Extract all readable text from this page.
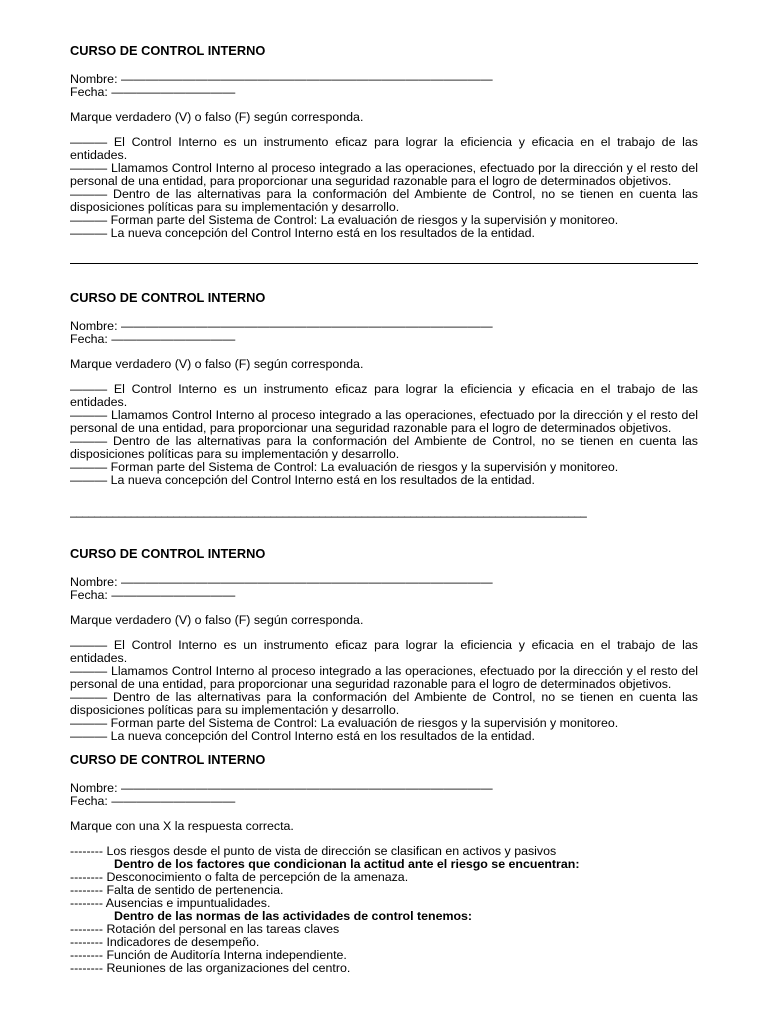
CURSO DE CONTROL INTERNO
Nombre: ——————————————————————————————
Fecha: ——————————
Marque verdadero (V) o falso (F) según corresponda.
——— El Control Interno es un instrumento eficaz para lograr la eficiencia y eficacia en el trabajo de las entidades.
——— Llamamos Control Interno al proceso integrado a las operaciones, efectuado por la dirección y el resto del personal de una entidad, para proporcionar una seguridad razonable para el logro de determinados objetivos.
——— Dentro de las alternativas para la conformación del Ambiente de Control, no se tienen en cuenta las disposiciones políticas para su implementación y desarrollo.
——— Forman parte del Sistema de Control: La evaluación de riesgos y la supervisión y monitoreo.
——— La nueva concepción del Control Interno está en los resultados de la entidad.
CURSO DE CONTROL INTERNO
Nombre: ——————————————————————————————
Fecha: ——————————
Marque verdadero (V) o falso (F) según corresponda.
——— El Control Interno es un instrumento eficaz para lograr la eficiencia y eficacia en el trabajo de las entidades.
——— Llamamos Control Interno al proceso integrado a las operaciones, efectuado por la dirección y el resto del personal de una entidad, para proporcionar una seguridad razonable para el logro de determinados objetivos.
——— Dentro de las alternativas para la conformación del Ambiente de Control, no se tienen en cuenta las disposiciones políticas para su implementación y desarrollo.
——— Forman parte del Sistema de Control: La evaluación de riesgos y la supervisión y monitoreo.
——— La nueva concepción del Control Interno está en los resultados de la entidad.
–––––––––––––––––––––––––––––––––––––––––––––––––––––––––––––––––––––––––––––––––––––
CURSO DE CONTROL INTERNO
Nombre: ——————————————————————————————
Fecha: ——————————
Marque verdadero (V) o falso (F) según corresponda.
——— El Control Interno es un instrumento eficaz para lograr la eficiencia y eficacia en el trabajo de las entidades.
——— Llamamos Control Interno al proceso integrado a las operaciones, efectuado por la dirección y el resto del personal de una entidad, para proporcionar una seguridad razonable para el logro de determinados objetivos.
——— Dentro de las alternativas para la conformación del Ambiente de Control, no se tienen en cuenta las disposiciones políticas para su implementación y desarrollo.
——— Forman parte del Sistema de Control: La evaluación de riesgos y la supervisión y monitoreo.
——— La nueva concepción del Control Interno está en los resultados de la entidad.
CURSO DE CONTROL INTERNO
Nombre: ——————————————————————————————
Fecha: ——————————
Marque con una X la respuesta correcta.
-------- Los riesgos desde el punto de vista de dirección se clasifican en activos y pasivos
Dentro de los factores que condicionan la actitud ante el riesgo se encuentran:
-------- Desconocimiento o falta de percepción de la amenaza.
-------- Falta de sentido de pertenencia.
-------- Ausencias e impuntualidades.
Dentro de las normas de las actividades de control tenemos:
-------- Rotación del personal en las tareas claves
-------- Indicadores de desempeño.
-------- Función de Auditoría Interna independiente.
-------- Reuniones de las organizaciones del centro.
